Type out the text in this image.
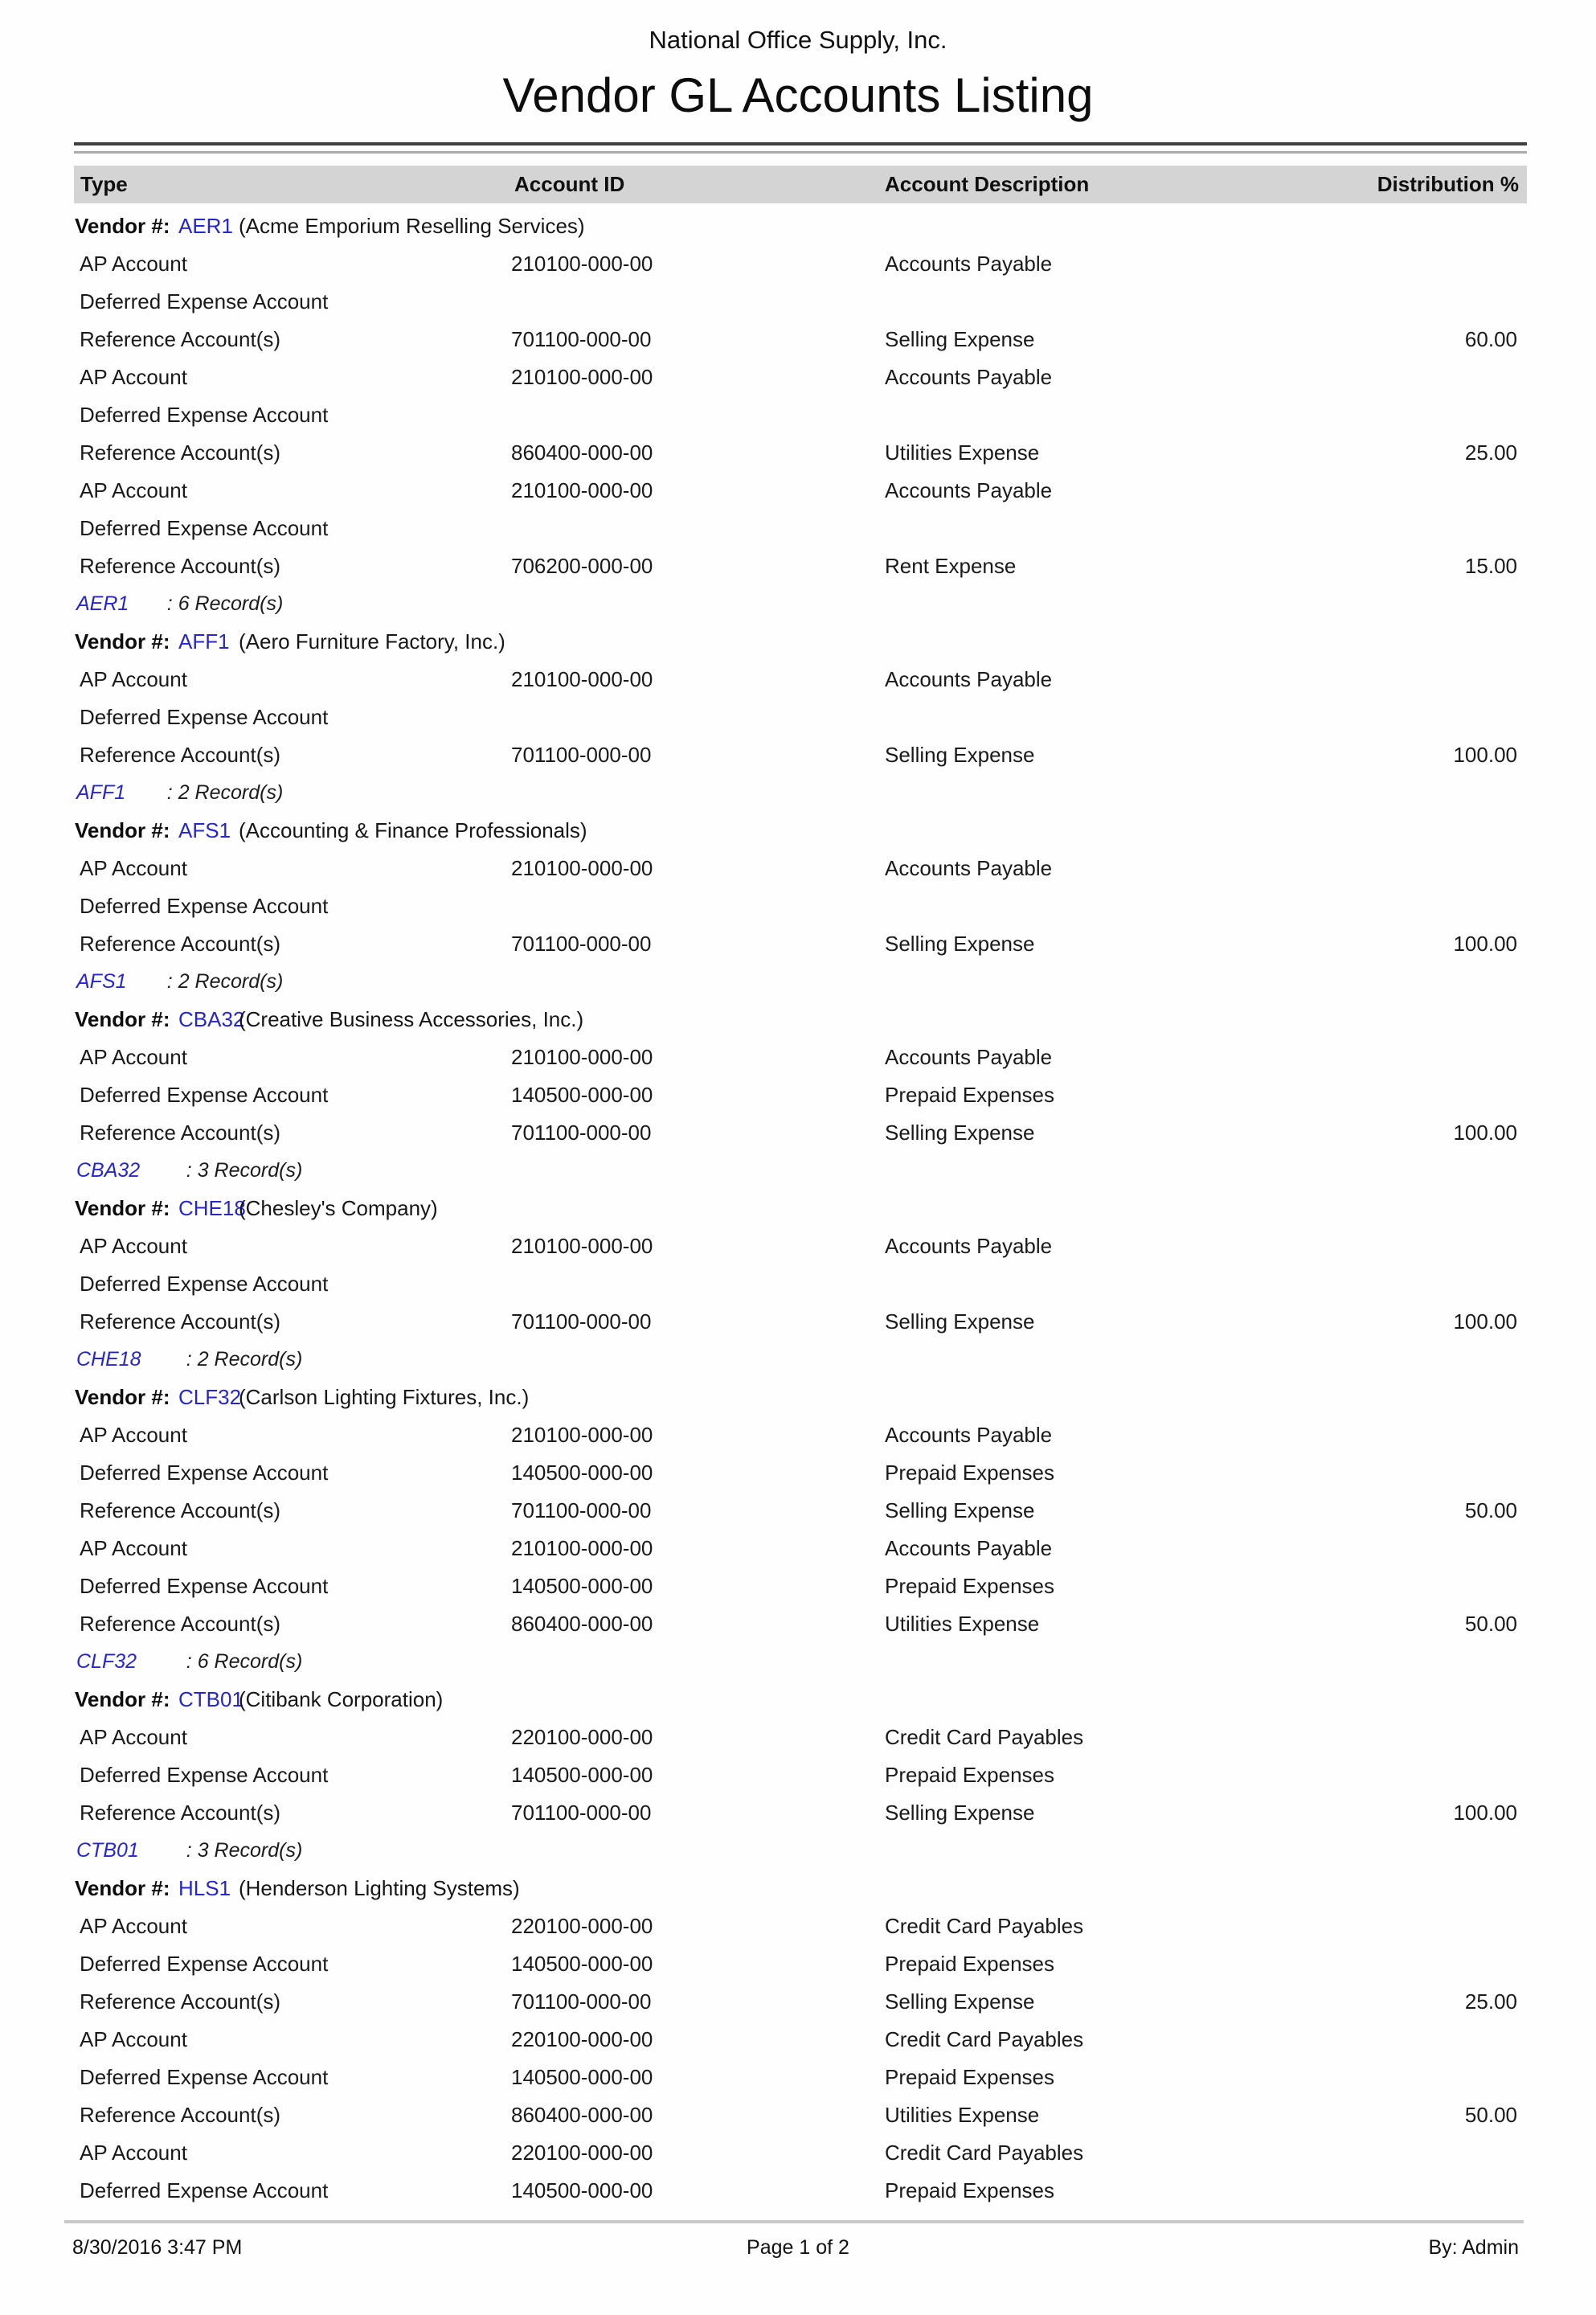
National Office Supply, Inc.
Vendor GL Accounts Listing
Type	Account ID	Account Description	Distribution %
Vendor #: AER1 (Acme Emporium Reselling Services)
AP Account	210100-000-00	Accounts Payable
Deferred Expense Account
Reference Account(s)	701100-000-00	Selling Expense	60.00
AP Account	210100-000-00	Accounts Payable
Deferred Expense Account
Reference Account(s)	860400-000-00	Utilities Expense	25.00
AP Account	210100-000-00	Accounts Payable
Deferred Expense Account
Reference Account(s)	706200-000-00	Rent Expense	15.00
AER1 : 6 Record(s)
Vendor #: AFF1 (Aero Furniture Factory, Inc.)
AP Account	210100-000-00	Accounts Payable
Deferred Expense Account
Reference Account(s)	701100-000-00	Selling Expense	100.00
AFF1 : 2 Record(s)
Vendor #: AFS1 (Accounting & Finance Professionals)
AP Account	210100-000-00	Accounts Payable
Deferred Expense Account
Reference Account(s)	701100-000-00	Selling Expense	100.00
AFS1 : 2 Record(s)
Vendor #: CBA32
(Creative Business Accessories, Inc.)
AP Account	210100-000-00	Accounts Payable
Deferred Expense Account	140500-000-00	Prepaid Expenses
Reference Account(s)	701100-000-00	Selling Expense	100.00
CBA32 : 3 Record(s)
Vendor #: CHE18
(Chesley's Company)
AP Account	210100-000-00	Accounts Payable
Deferred Expense Account
Reference Account(s)	701100-000-00	Selling Expense	100.00
CHE18 : 2 Record(s)
Vendor #: CLF32
(Carlson Lighting Fixtures, Inc.)
AP Account	210100-000-00	Accounts Payable
Deferred Expense Account	140500-000-00	Prepaid Expenses
Reference Account(s)	701100-000-00	Selling Expense	50.00
AP Account	210100-000-00	Accounts Payable
Deferred Expense Account	140500-000-00	Prepaid Expenses
Reference Account(s)	860400-000-00	Utilities Expense	50.00
CLF32 : 6 Record(s)
Vendor #: CTB01
(Citibank Corporation)
AP Account	220100-000-00	Credit Card Payables
Deferred Expense Account	140500-000-00	Prepaid Expenses
Reference Account(s)	701100-000-00	Selling Expense	100.00
CTB01 : 3 Record(s)
Vendor #: HLS1 (Henderson Lighting Systems)
AP Account	220100-000-00	Credit Card Payables
Deferred Expense Account	140500-000-00	Prepaid Expenses
Reference Account(s)	701100-000-00	Selling Expense	25.00
AP Account	220100-000-00	Credit Card Payables
Deferred Expense Account	140500-000-00	Prepaid Expenses
Reference Account(s)	860400-000-00	Utilities Expense	50.00
AP Account	220100-000-00	Credit Card Payables
Deferred Expense Account	140500-000-00	Prepaid Expenses
8/30/2016 3:47 PM	Page 1 of 2	By: Admin
